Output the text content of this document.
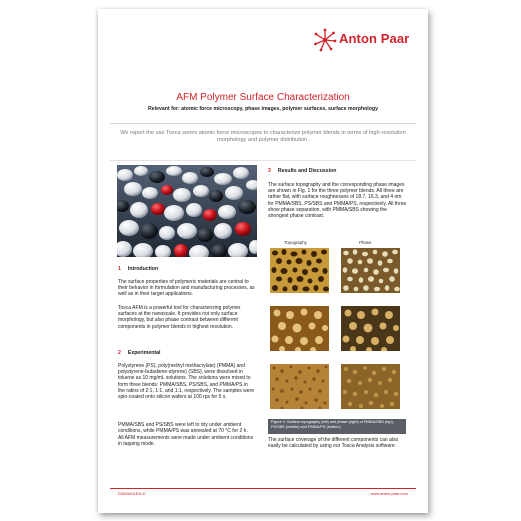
Anton Paar
AFM Polymer Surface Characterization
Relevant for: atomic force microscopy, phase images, polymer surfaces, surface morphology
We report the use Tosca series atomic force microscopes to characterize polymer blends in terms of high-resolution morphology and polymer distribution.
1 Introduction
The surface properties of polymeric materials are central to their behavior in formulation and manufacturing processes, as well as in their target applications.
Tosca AFM is a powerful tool for characterizing polymer surfaces at the nanoscale. It provides not only surface morphology, but also phase contrast between different components in polymer blends in highest resolution.
2 Experimental
Polystyrene (PS), poly(methyl methacrylate) (PMMA) and polystyrene-butadiene-styrene) (SBS), were dissolved in toluene as 10 mg/mL solutions. The solutions were mixed to form three blends: PMMA/SBS, PS/SBS, and PMMA/PS in the ratios of 2:1, 1:1, and 1:1, respectively. The samples were spin-coated onto silicon wafers at 100 rps for 5 s.
PMMA/SBS and PS/SBS were left to dry under ambient conditions, while PMMA/PS was annealed at 70 °C for 2 h.
All AFM measurements were made under ambient conditions in tapping mode.
3 Results and Discussion
The surface topography and the corresponding phase images are shown in Fig. 1 for the three polymer blends. All three are rather flat, with surface roughnesses of 18.7, 16.3, and 4 nm for PMMA/SBS, PS/SBS and PMMA/PS, respectively. All three show phase separation, with PMMA/SBS showing the strongest phase contrast.
Topography	Phase
Figure 1: Surface topography (left) and phase (right) of PMMA/SBS (top), PS/SBS (middle) and PMMA/PS (bottom)
The surface coverage of the different components can also easily be calculated by using our Tosca Analysis software.
D35IA001EN-D	www.anton-paar.com
